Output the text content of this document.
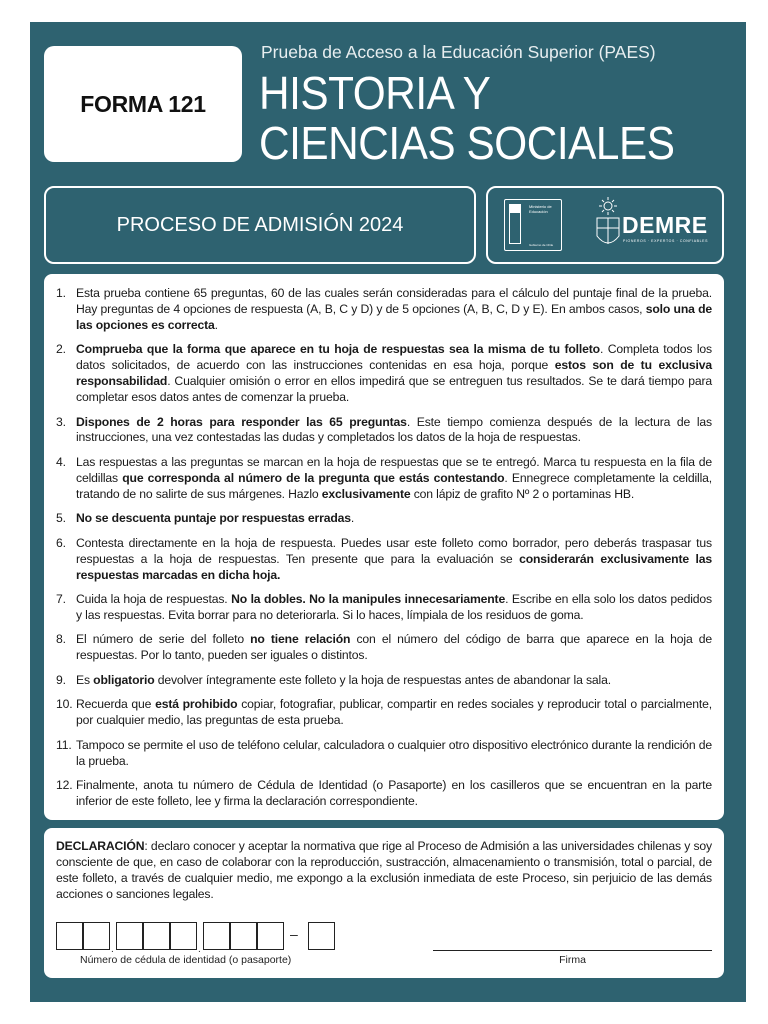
FORMA 121
Prueba de Acceso a la Educación Superior (PAES)
HISTORIA Y
CIENCIAS SOCIALES
PROCESO DE ADMISIÓN 2024
Ministerio de Educación
Gobierno de Chile
DEMRE
PIONEROS · EXPERTOS · CONFIABLES
1. Esta prueba contiene 65 preguntas, 60 de las cuales serán consideradas para el cálculo del puntaje final de la prueba. Hay preguntas de 4 opciones de respuesta (A, B, C y D) y de 5 opciones (A, B, C, D y E). En ambos casos, solo una de las opciones es correcta.
2. Comprueba que la forma que aparece en tu hoja de respuestas sea la misma de tu folleto. Completa todos los datos solicitados, de acuerdo con las instrucciones contenidas en esa hoja, porque estos son de tu exclusiva responsabilidad. Cualquier omisión o error en ellos impedirá que se entreguen tus resultados. Se te dará tiempo para completar esos datos antes de comenzar la prueba.
3. Dispones de 2 horas para responder las 65 preguntas. Este tiempo comienza después de la lectura de las instrucciones, una vez contestadas las dudas y completados los datos de la hoja de respuestas.
4. Las respuestas a las preguntas se marcan en la hoja de respuestas que se te entregó. Marca tu respuesta en la fila de celdillas que corresponda al número de la pregunta que estás contestando. Ennegrece completamente la celdilla, tratando de no salirte de sus márgenes. Hazlo exclusivamente con lápiz de grafito Nº 2 o portaminas HB.
5. No se descuenta puntaje por respuestas erradas.
6. Contesta directamente en la hoja de respuesta. Puedes usar este folleto como borrador, pero deberás traspasar tus respuestas a la hoja de respuestas. Ten presente que para la evaluación se considerarán exclusivamente las respuestas marcadas en dicha hoja.
7. Cuida la hoja de respuestas. No la dobles. No la manipules innecesariamente. Escribe en ella solo los datos pedidos y las respuestas. Evita borrar para no deteriorarla. Si lo haces, límpiala de los residuos de goma.
8. El número de serie del folleto no tiene relación con el número del código de barra que aparece en la hoja de respuestas. Por lo tanto, pueden ser iguales o distintos.
9. Es obligatorio devolver íntegramente este folleto y la hoja de respuestas antes de abandonar la sala.
10. Recuerda que está prohibido copiar, fotografiar, publicar, compartir en redes sociales y reproducir total o parcialmente, por cualquier medio, las preguntas de esta prueba.
11. Tampoco se permite el uso de teléfono celular, calculadora o cualquier otro dispositivo electrónico durante la rendición de la prueba.
12. Finalmente, anota tu número de Cédula de Identidad (o Pasaporte) en los casilleros que se encuentran en la parte inferior de este folleto, lee y firma la declaración correspondiente.

DECLARACIÓN: declaro conocer y aceptar la normativa que rige al Proceso de Admisión a las universidades chilenas y soy consciente de que, en caso de colaborar con la reproducción, sustracción, almacenamiento o transmisión, total o parcial, de este folleto, a través de cualquier medio, me expongo a la exclusión inmediata de este Proceso, sin perjuicio de las demás acciones o sanciones legales.

.	.
–
Número de cédula de identidad (o pasaporte)	Firma
